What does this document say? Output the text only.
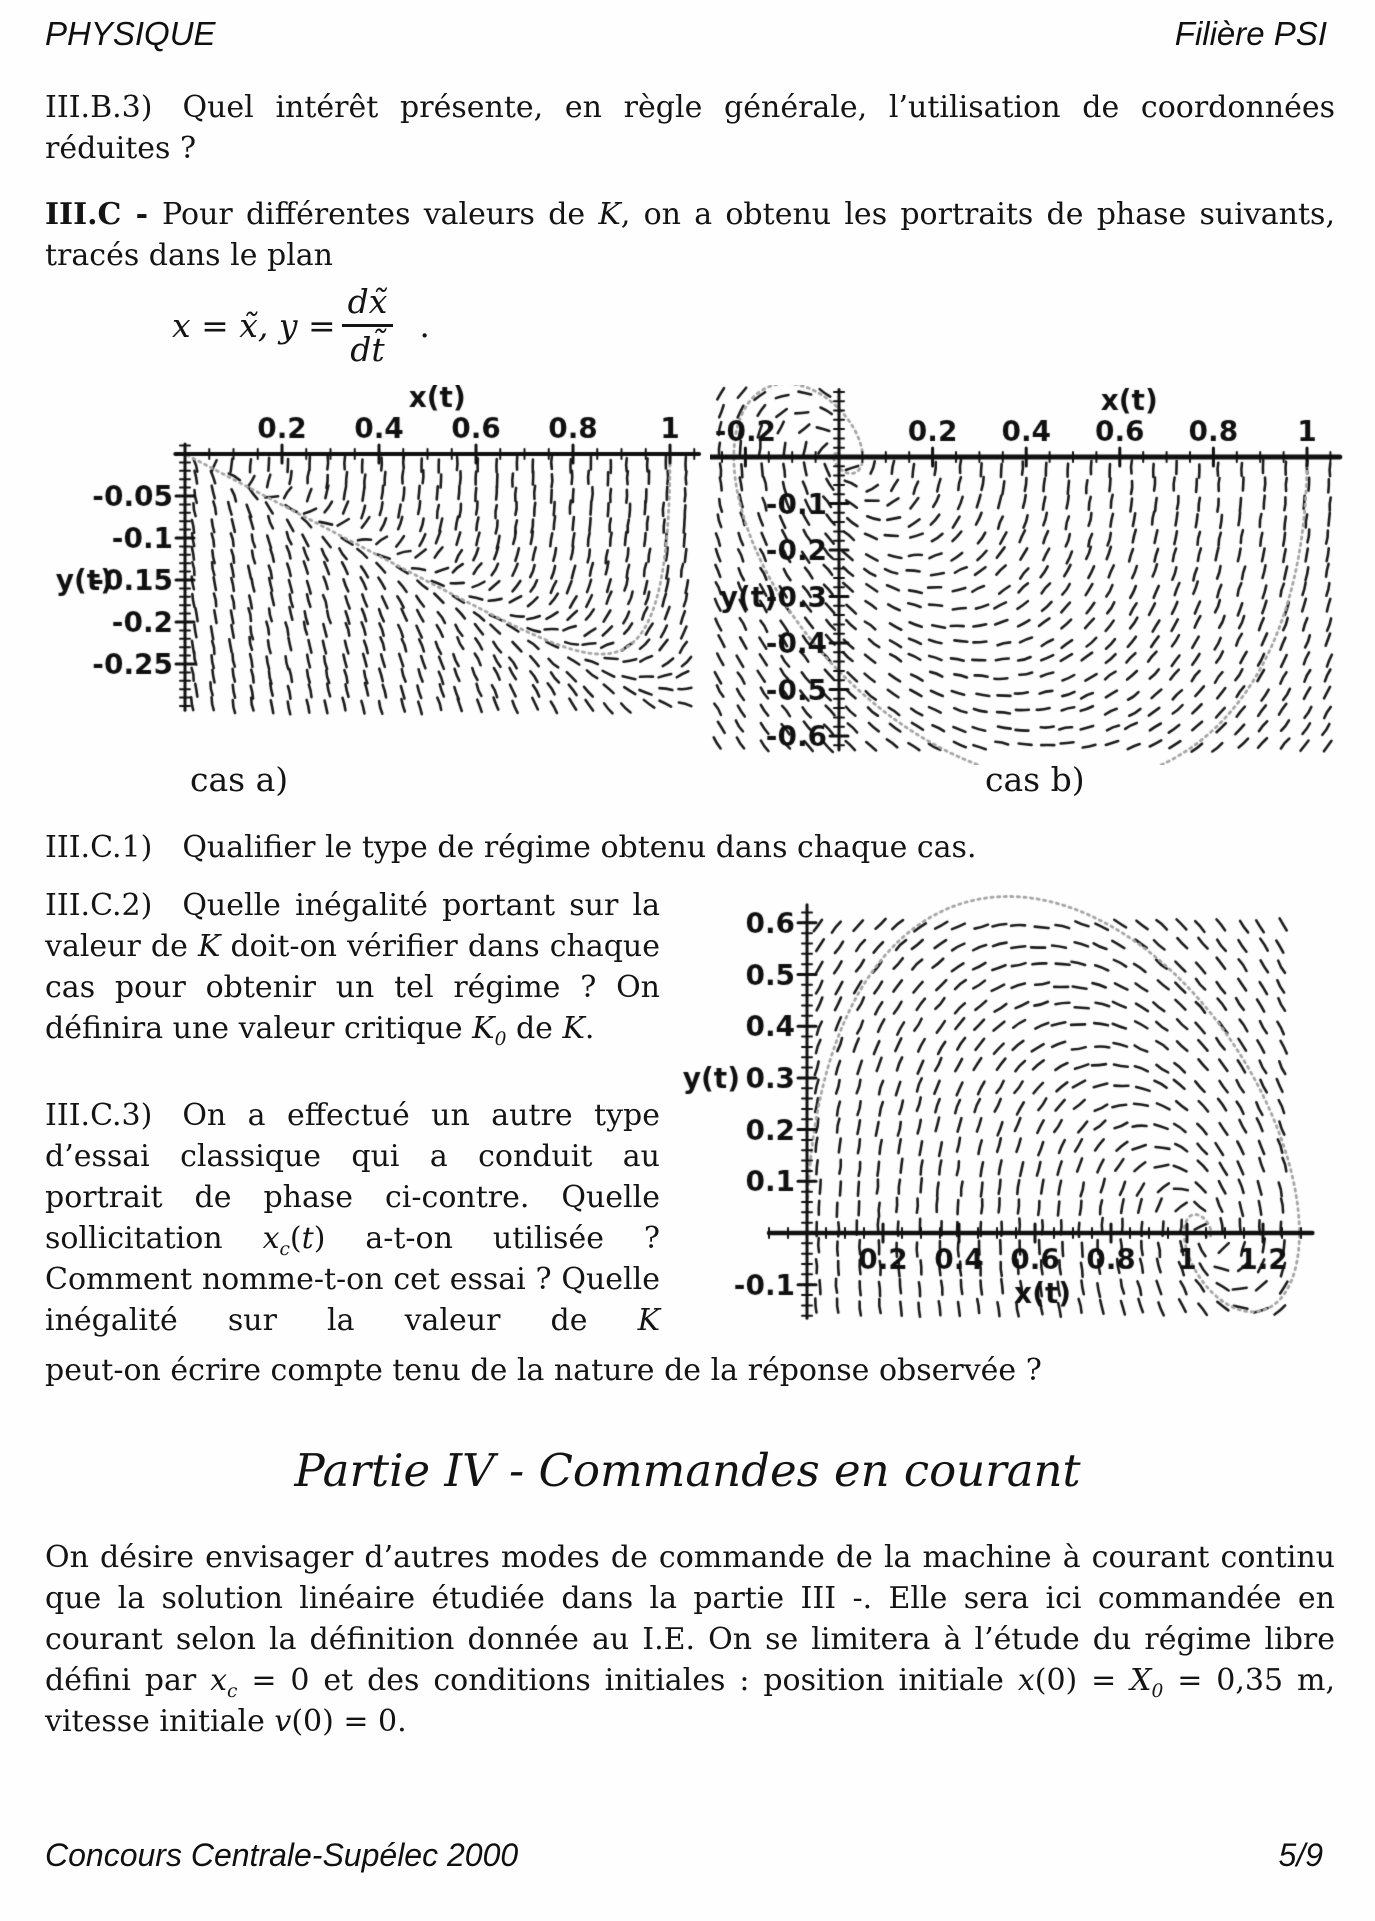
PHYSIQUE	Filière PSI

III.B.3) Quel intérêt présente, en règle générale, l’utilisation de coordonnées réduites ?

III.C - Pour différentes valeurs de K, on a obtenu les portraits de phase suivants, tracés dans le plan

x = x̃, $y = \frac{dx̃}{dt̃}$ .
cas a)	cas b)

III.C.1) Qualifier le type de régime obtenu dans chaque cas.

III.C.2) Quelle inégalité portant sur la valeur de K doit-on vérifier dans chaque cas pour obtenir un tel régime ? On définira une valeur critique $K_0$ de K.

III.C.3) On a effectué un autre type d’essai classique qui a conduit au portrait de phase ci-contre. Quelle sollicitation $x_c(t)$ a-t-on utilisée ? Comment nomme-t-on cet essai ? Quelle inégalité sur la valeur de K

peut-on écrire compte tenu de la nature de la réponse observée ?

Partie IV - Commandes en courant

On désire envisager d’autres modes de commande de la machine à courant continu que la solution linéaire étudiée dans la partie III -. Elle sera ici commandée en courant selon la définition donnée au I.E. On se limitera à l’étude du régime libre défini par $x_c = 0$ et des conditions initiales : position initiale $x(0) = X_0 = 0,35$ m, vitesse initiale v(0) = 0.

Concours Centrale-Supélec 2000	5/9
